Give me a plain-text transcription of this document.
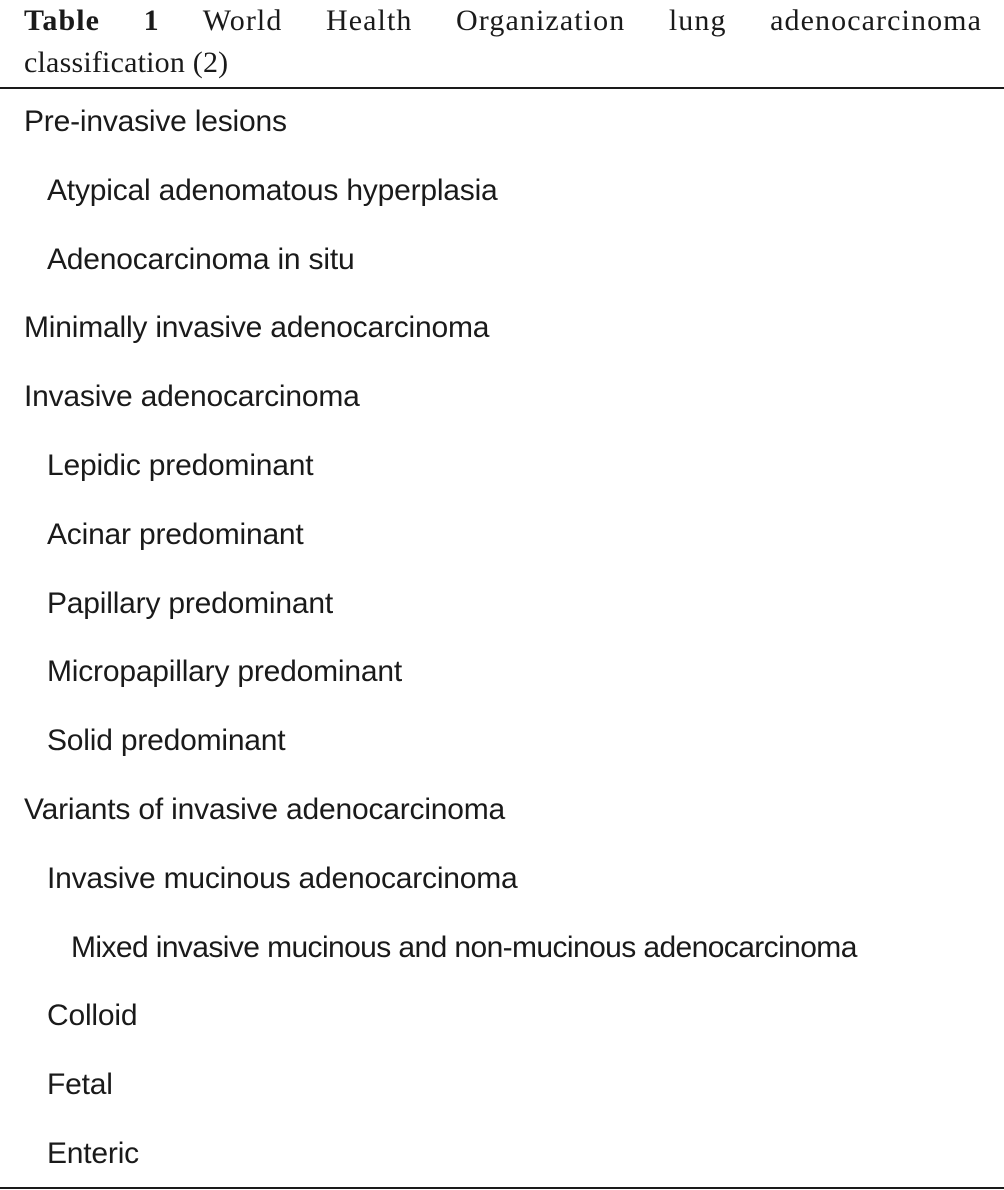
Table 1 World Health Organization lung adenocarcinoma
classification (2)
Pre-invasive lesions
Atypical adenomatous hyperplasia
Adenocarcinoma in situ
Minimally invasive adenocarcinoma
Invasive adenocarcinoma
Lepidic predominant
Acinar predominant
Papillary predominant
Micropapillary predominant
Solid predominant
Variants of invasive adenocarcinoma
Invasive mucinous adenocarcinoma
Mixed invasive mucinous and non-mucinous adenocarcinoma
Colloid
Fetal
Enteric
